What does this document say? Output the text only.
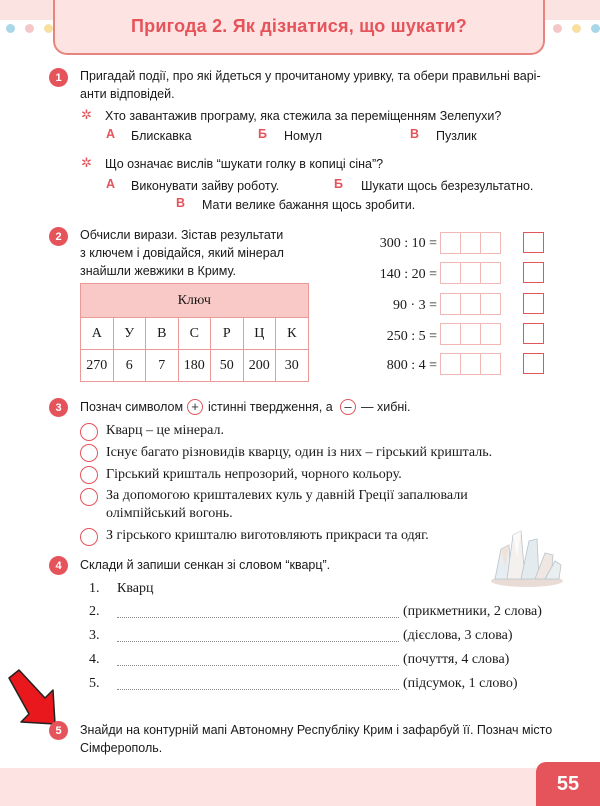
Пригода 2. Як дізнатися, що шукати?
1	Пригадай події, про які йдеться у прочитаному уривку, та обери правильні варі-
анти відповідей.
✲ Хто завантажив програму, яка стежила за переміщенням Зелепухи?
А Блискавка	Б Номул	В Пузлик
✲ Що означає вислів “шукати голку в копиці сіна”?
А Виконувати зайву роботу.	Б Шукати щось безрезультатно.
В Мати велике бажання щось зробити.
2	Обчисли вирази. Зістав результати
з ключем і довідайся, який мінерал
знайшли жевжики в Криму.
Ключ						
А	У	В	С	Р	Ц	К
270	6	7	180	50	200	30
300 : 10 =
140 : 20 =
90 · 3 =
250 : 5 =
800 : 4 =
3	Познач символом + істинні твердження, а – — хибні.
Кварц – це мінерал.
Існує багато різновидів кварцу, один із них – гірський кришталь.
Гірський кришталь непрозорий, чорного кольору.
За допомогою кришталевих куль у давній Греції запалювали
олімпійський вогонь.
З гірського кришталю виготовляють прикраси та одяг.
4	Склади й запиши сенкан зі словом “кварц”.
1. Кварц
2.	(прикметники, 2 слова)
3.	(дієслова, 3 слова)
4.	(почуття, 4 слова)
5.	(підсумок, 1 слово)
5	Знайди на контурній мапі Автономну Республіку Крим і зафарбуй її. Познач місто
Сімферополь.
55
